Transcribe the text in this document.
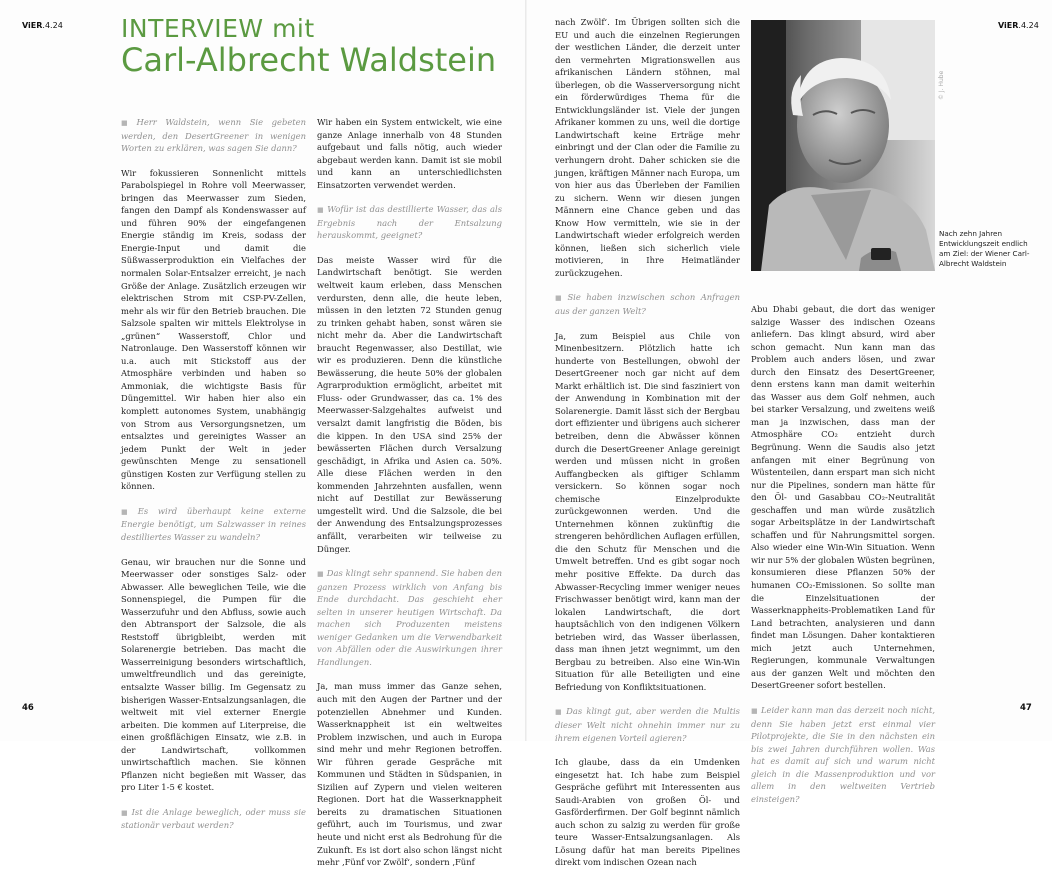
ViER.4.24	ViER.4.24
46	47
INTERVIEW mit
Carl-Albrecht Waldstein

■ Herr Waldstein, wenn Sie gebeten werden, den DesertGreener in wenigen Worten zu erklären, was sagen Sie dann?

Wir fokussieren Sonnenlicht mittels Parabolspiegel in Rohre voll Meerwasser, bringen das Meerwasser zum Sieden, fangen den Dampf als Kondenswasser auf und führen 90% der eingefangenen Energie ständig im Kreis, sodass der Energie-Input und damit die Süßwasserproduktion ein Vielfaches der normalen Solar-Entsalzer erreicht, je nach Größe der Anlage. Zusätzlich erzeugen wir elektrischen Strom mit CSP-PV-Zellen, mehr als wir für den Betrieb brauchen. Die Salzsole spalten wir mittels Elektrolyse in „grünen“ Wasserstoff, Chlor und Natronlauge. Den Wasserstoff können wir u.a. auch mit Stickstoff aus der Atmosphäre verbinden und haben so Ammoniak, die wichtigste Basis für Düngemittel. Wir haben hier also ein komplett autonomes System, unabhängig von Strom aus Versorgungsnetzen, um entsalztes und gereinigtes Wasser an jedem Punkt der Welt in jeder gewünschten Menge zu sensationell günstigen Kosten zur Verfügung stellen zu können.

■ Es wird überhaupt keine externe Energie benötigt, um Salzwasser in reines destilliertes Wasser zu wandeln?

Genau, wir brauchen nur die Sonne und Meerwasser oder sonstiges Salz- oder Abwasser. Alle beweglichen Teile, wie die Sonnenspiegel, die Pumpen für die Wasserzufuhr und den Abfluss, sowie auch den Abtransport der Salzsole, die als Reststoff übrigbleibt, werden mit Solarenergie betrieben. Das macht die Wasserreinigung besonders wirtschaftlich, umweltfreundlich und das gereinigte, entsalzte Wasser billig. Im Gegensatz zu bisherigen Wasser-Entsalzungsanlagen, die weltweit mit viel externer Energie arbeiten. Die kommen auf Literpreise, die einen großflächigen Einsatz, wie z.B. in der Landwirtschaft, vollkommen unwirtschaftlich machen. Sie können Pflanzen nicht begießen mit Wasser, das pro Liter 1-5 € kostet.

■ Ist die Anlage beweglich, oder muss sie stationär verbaut werden?

Wir haben ein System entwickelt, wie eine ganze Anlage innerhalb von 48 Stunden aufgebaut und falls nötig, auch wieder abgebaut werden kann. Damit ist sie mobil und kann an unterschiedlichsten Einsatzorten verwendet werden.

■ Wofür ist das destillierte Wasser, das als Ergebnis nach der Entsalzung herauskommt, geeignet?

Das meiste Wasser wird für die Landwirtschaft benötigt. Sie werden weltweit kaum erleben, dass Menschen verdursten, denn alle, die heute leben, müssen in den letzten 72 Stunden genug zu trinken gehabt haben, sonst wären sie nicht mehr da. Aber die Landwirtschaft braucht Regenwasser, also Destillat, wie wir es produzieren. Denn die künstliche Bewässerung, die heute 50% der globalen Agrarproduktion ermöglicht, arbeitet mit Fluss- oder Grundwasser, das ca. 1% des Meerwasser-Salzgehaltes aufweist und versalzt damit langfristig die Böden, bis die kippen. In den USA sind 25% der bewässerten Flächen durch Versalzung geschädigt, in Afrika und Asien ca. 50%. Alle diese Flächen werden in den kommenden Jahrzehnten ausfallen, wenn nicht auf Destillat zur Bewässerung umgestellt wird. Und die Salzsole, die bei der Anwendung des Entsalzungsprozesses anfällt, verarbeiten wir teilweise zu Dünger.

■ Das klingt sehr spannend. Sie haben den ganzen Prozess wirklich von Anfang bis Ende durchdacht. Das geschieht eher selten in unserer heutigen Wirtschaft. Da machen sich Produzenten meistens weniger Gedanken um die Verwendbarkeit von Abfällen oder die Auswirkungen ihrer Handlungen.

Ja, man muss immer das Ganze sehen, auch mit den Augen der Partner und der potenziellen Abnehmer und Kunden. Wasserknappheit ist ein weltweites Problem inzwischen, und auch in Europa sind mehr und mehr Regionen betroffen. Wir führen gerade Gespräche mit Kommunen und Städten in Südspanien, in Sizilien auf Zypern und vielen weiteren Regionen. Dort hat die Wasserknappheit bereits zu dramatischen Situationen geführt, auch im Tourismus, und zwar heute und nicht erst als Bedrohung für die Zukunft. Es ist dort also schon längst nicht mehr ‚Fünf vor Zwölf‘, sondern ‚Fünf

nach Zwölf‘. Im Übrigen sollten sich die EU und auch die einzelnen Regierungen der westlichen Länder, die derzeit unter den vermehrten Migrationswellen aus afrikanischen Ländern stöhnen, mal überlegen, ob die Wasserversorgung nicht ein förderwürdiges Thema für die Entwicklungsländer ist. Viele der jungen Afrikaner kommen zu uns, weil die dortige Landwirtschaft keine Erträge mehr einbringt und der Clan oder die Familie zu verhungern droht. Daher schicken sie die jungen, kräftigen Männer nach Europa, um von hier aus das Überleben der Familien zu sichern. Wenn wir diesen jungen Männern eine Chance geben und das Know How vermitteln, wie sie in der Landwirtschaft wieder erfolgreich werden können, ließen sich sicherlich viele motivieren, in Ihre Heimatländer zurückzugehen.

■ Sie haben inzwischen schon Anfragen aus der ganzen Welt?

Ja, zum Beispiel aus Chile von Minenbesitzern. Plötzlich hatte ich hunderte von Bestellungen, obwohl der DesertGreener noch gar nicht auf dem Markt erhältlich ist. Die sind fasziniert von der Anwendung in Kombination mit der Solarenergie. Damit lässt sich der Bergbau dort effizienter und übrigens auch sicherer betreiben, denn die Abwässer können durch die DesertGreener Anlage gereinigt werden und müssen nicht in großen Auffangbecken als giftiger Schlamm versickern. So können sogar noch chemische Einzelprodukte zurückgewonnen werden. Und die Unternehmen können zukünftig die strengeren behördlichen Auflagen erfüllen, die den Schutz für Menschen und die Umwelt betreffen. Und es gibt sogar noch mehr positive Effekte. Da durch das Abwasser-Recycling immer weniger neues Frischwasser benötigt wird, kann man der lokalen Landwirtschaft, die dort hauptsächlich von den indigenen Völkern betrieben wird, das Wasser überlassen, dass man ihnen jetzt wegnimmt, um den Bergbau zu betreiben. Also eine Win-Win Situation für alle Beteiligten und eine Befriedung von Konfliktsituationen.

■ Das klingt gut, aber werden die Multis dieser Welt nicht ohnehin immer nur zu ihrem eigenen Vorteil agieren?

Ich glaube, dass da ein Umdenken eingesetzt hat. Ich habe zum Beispiel Gespräche geführt mit Interessenten aus Saudi-Arabien von großen Öl- und Gasförderfirmen. Der Golf beginnt nämlich auch schon zu salzig zu werden für große teure Wasser-Entsalzungsanlagen. Als Lösung dafür hat man bereits Pipelines direkt vom indischen Ozean nach

Abu Dhabi gebaut, die dort das weniger salzige Wasser des indischen Ozeans anliefern. Das klingt absurd, wird aber schon gemacht. Nun kann man das Problem auch anders lösen, und zwar durch den Einsatz des DesertGreener, denn erstens kann man damit weiterhin das Wasser aus dem Golf nehmen, auch bei starker Versalzung, und zweitens weiß man ja inzwischen, dass man der Atmosphäre CO₂ entzieht durch Begrünung. Wenn die Saudis also jetzt anfangen mit einer Begrünung von Wüstenteilen, dann erspart man sich nicht nur die Pipelines, sondern man hätte für den Öl- und Gasabbau CO₂-Neutralität geschaffen und man würde zusätzlich sogar Arbeitsplätze in der Landwirtschaft schaffen und für Nahrungsmittel sorgen. Also wieder eine Win-Win Situation. Wenn wir nur 5% der globalen Wüsten begrünen, konsumieren diese Pflanzen 50% der humanen CO₂-Emissionen. So sollte man die Einzelsituationen der Wasserknappheits-Problematiken Land für Land betrachten, analysieren und dann findet man Lösungen. Daher kontaktieren mich jetzt auch Unternehmen, Regierungen, kommunale Verwaltungen aus der ganzen Welt und möchten den DesertGreener sofort bestellen.

■ Leider kann man das derzeit noch nicht, denn Sie haben jetzt erst einmal vier Pilotprojekte, die Sie in den nächsten ein bis zwei Jahren durchführen wollen. Was hat es damit auf sich und warum nicht gleich in die Massenproduktion und vor allem in den weltweiten Vertrieb einsteigen?

© J. Hube
Nach zehn Jahren Entwicklungszeit endlich am Ziel: der Wiener Carl-Albrecht Waldstein
